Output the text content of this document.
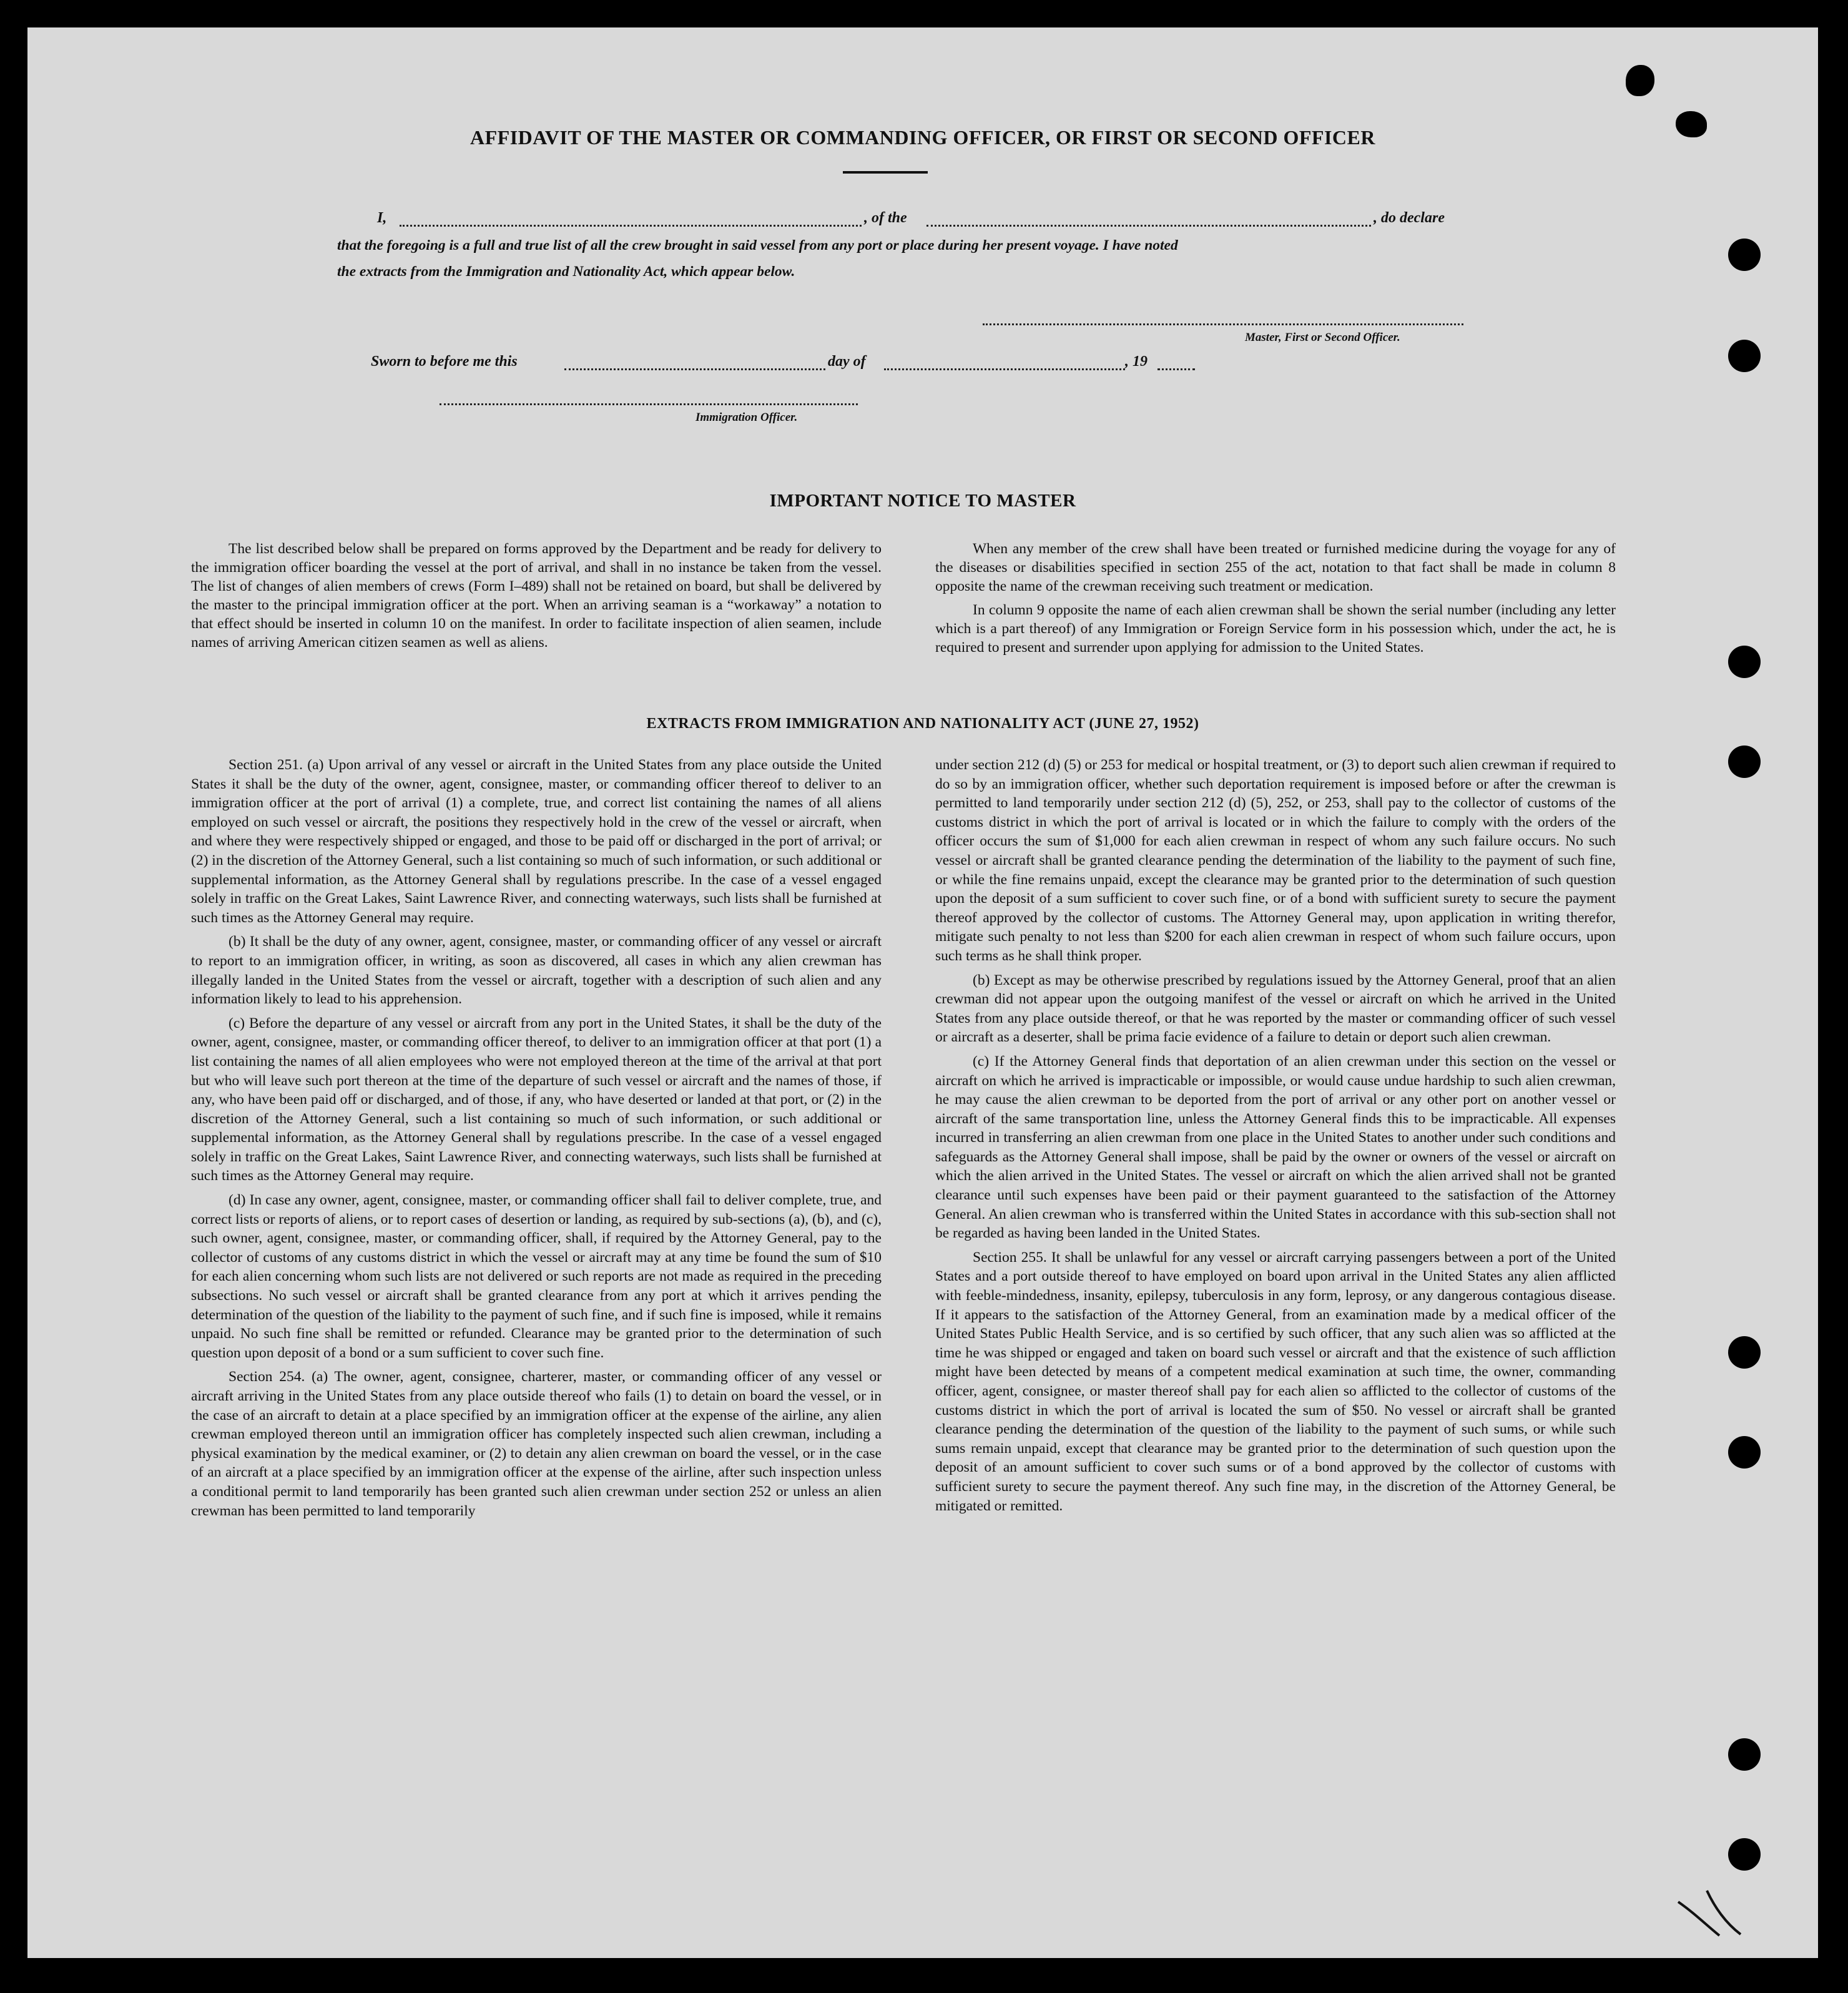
AFFIDAVIT OF THE MASTER OR COMMANDING OFFICER, OR FIRST OR SECOND OFFICER
I,	, of the	, do declare
that the foregoing is a full and true list of all the crew brought in said vessel from any port or place during her present voyage. I have noted
the extracts from the Immigration and Nationality Act, which appear below.
Master, First or Second Officer.
Sworn to before me this	day of	, 19
Immigration Officer.
IMPORTANT NOTICE TO MASTER

The list described below shall be prepared on forms approved by the Department and be ready for delivery to the immigration officer boarding the vessel at the port of arrival, and shall in no instance be taken from the vessel. The list of changes of alien members of crews (Form I–489) shall not be retained on board, but shall be delivered by the master to the principal immigration officer at the port. When an arriving seaman is a “workaway” a notation to that effect should be inserted in column 10 on the manifest. In order to facilitate inspection of alien seamen, include names of arriving American citizen seamen as well as aliens.

When any member of the crew shall have been treated or furnished medicine during the voyage for any of the diseases or disabilities specified in section 255 of the act, notation to that fact shall be made in column 8 opposite the name of the crewman receiving such treatment or medication.

In column 9 opposite the name of each alien crewman shall be shown the serial number (including any letter which is a part thereof) of any Immigration or Foreign Service form in his possession which, under the act, he is required to present and surrender upon applying for admission to the United States.

EXTRACTS FROM IMMIGRATION AND NATIONALITY ACT (JUNE 27, 1952)

Section 251. (a) Upon arrival of any vessel or aircraft in the United States from any place outside the United States it shall be the duty of the owner, agent, consignee, master, or commanding officer thereof to deliver to an immigration officer at the port of arrival (1) a complete, true, and correct list containing the names of all aliens employed on such vessel or aircraft, the positions they respectively hold in the crew of the vessel or aircraft, when and where they were respectively shipped or engaged, and those to be paid off or discharged in the port of arrival; or (2) in the discretion of the Attorney General, such a list containing so much of such information, or such additional or supplemental information, as the Attorney General shall by regulations prescribe. In the case of a vessel engaged solely in traffic on the Great Lakes, Saint Lawrence River, and connecting waterways, such lists shall be furnished at such times as the Attorney General may require.

(b) It shall be the duty of any owner, agent, consignee, master, or commanding officer of any vessel or aircraft to report to an immigration officer, in writing, as soon as discovered, all cases in which any alien crewman has illegally landed in the United States from the vessel or aircraft, together with a description of such alien and any information likely to lead to his apprehension.

(c) Before the departure of any vessel or aircraft from any port in the United States, it shall be the duty of the owner, agent, consignee, master, or commanding officer thereof, to deliver to an immigration officer at that port (1) a list containing the names of all alien employees who were not employed thereon at the time of the arrival at that port but who will leave such port thereon at the time of the departure of such vessel or aircraft and the names of those, if any, who have been paid off or discharged, and of those, if any, who have deserted or landed at that port, or (2) in the discretion of the Attorney General, such a list containing so much of such information, or such additional or supplemental information, as the Attorney General shall by regulations prescribe. In the case of a vessel engaged solely in traffic on the Great Lakes, Saint Lawrence River, and connecting waterways, such lists shall be furnished at such times as the Attorney General may require.

(d) In case any owner, agent, consignee, master, or commanding officer shall fail to deliver complete, true, and correct lists or reports of aliens, or to report cases of desertion or landing, as required by sub-sections (a), (b), and (c), such owner, agent, consignee, master, or commanding officer, shall, if required by the Attorney General, pay to the collector of customs of any customs district in which the vessel or aircraft may at any time be found the sum of $10 for each alien concerning whom such lists are not delivered or such reports are not made as required in the preceding subsections. No such vessel or aircraft shall be granted clearance from any port at which it arrives pending the determination of the question of the liability to the payment of such fine, and if such fine is imposed, while it remains unpaid. No such fine shall be remitted or refunded. Clearance may be granted prior to the determination of such question upon deposit of a bond or a sum sufficient to cover such fine.

Section 254. (a) The owner, agent, consignee, charterer, master, or commanding officer of any vessel or aircraft arriving in the United States from any place outside thereof who fails (1) to detain on board the vessel, or in the case of an aircraft to detain at a place specified by an immigration officer at the expense of the airline, any alien crewman employed thereon until an immigration officer has completely inspected such alien crewman, including a physical examination by the medical examiner, or (2) to detain any alien crewman on board the vessel, or in the case of an aircraft at a place specified by an immigration officer at the expense of the airline, after such inspection unless a conditional permit to land temporarily has been granted such alien crewman under section 252 or unless an alien crewman has been permitted to land temporarily

under section 212 (d) (5) or 253 for medical or hospital treatment, or (3) to deport such alien crewman if required to do so by an immigration officer, whether such deportation requirement is imposed before or after the crewman is permitted to land temporarily under section 212 (d) (5), 252, or 253, shall pay to the collector of customs of the customs district in which the port of arrival is located or in which the failure to comply with the orders of the officer occurs the sum of $1,000 for each alien crewman in respect of whom any such failure occurs. No such vessel or aircraft shall be granted clearance pending the determination of the liability to the payment of such fine, or while the fine remains unpaid, except the clearance may be granted prior to the determination of such question upon the deposit of a sum sufficient to cover such fine, or of a bond with sufficient surety to secure the payment thereof approved by the collector of customs. The Attorney General may, upon application in writing therefor, mitigate such penalty to not less than $200 for each alien crewman in respect of whom such failure occurs, upon such terms as he shall think proper.

(b) Except as may be otherwise prescribed by regulations issued by the Attorney General, proof that an alien crewman did not appear upon the outgoing manifest of the vessel or aircraft on which he arrived in the United States from any place outside thereof, or that he was reported by the master or commanding officer of such vessel or aircraft as a deserter, shall be prima facie evidence of a failure to detain or deport such alien crewman.

(c) If the Attorney General finds that deportation of an alien crewman under this section on the vessel or aircraft on which he arrived is impracticable or impossible, or would cause undue hardship to such alien crewman, he may cause the alien crewman to be deported from the port of arrival or any other port on another vessel or aircraft of the same transportation line, unless the Attorney General finds this to be impracticable. All expenses incurred in transferring an alien crewman from one place in the United States to another under such conditions and safeguards as the Attorney General shall impose, shall be paid by the owner or owners of the vessel or aircraft on which the alien arrived in the United States. The vessel or aircraft on which the alien arrived shall not be granted clearance until such expenses have been paid or their payment guaranteed to the satisfaction of the Attorney General. An alien crewman who is transferred within the United States in accordance with this sub-section shall not be regarded as having been landed in the United States.

Section 255. It shall be unlawful for any vessel or aircraft carrying passengers between a port of the United States and a port outside thereof to have employed on board upon arrival in the United States any alien afflicted with feeble-mindedness, insanity, epilepsy, tuberculosis in any form, leprosy, or any dangerous contagious disease. If it appears to the satisfaction of the Attorney General, from an examination made by a medical officer of the United States Public Health Service, and is so certified by such officer, that any such alien was so afflicted at the time he was shipped or engaged and taken on board such vessel or aircraft and that the existence of such affliction might have been detected by means of a competent medical examination at such time, the owner, commanding officer, agent, consignee, or master thereof shall pay for each alien so afflicted to the collector of customs of the customs district in which the port of arrival is located the sum of $50. No vessel or aircraft shall be granted clearance pending the determination of the question of the liability to the payment of such sums, or while such sums remain unpaid, except that clearance may be granted prior to the determination of such question upon the deposit of an amount sufficient to cover such sums or of a bond approved by the collector of customs with sufficient surety to secure the payment thereof. Any such fine may, in the discretion of the Attorney General, be mitigated or remitted.
